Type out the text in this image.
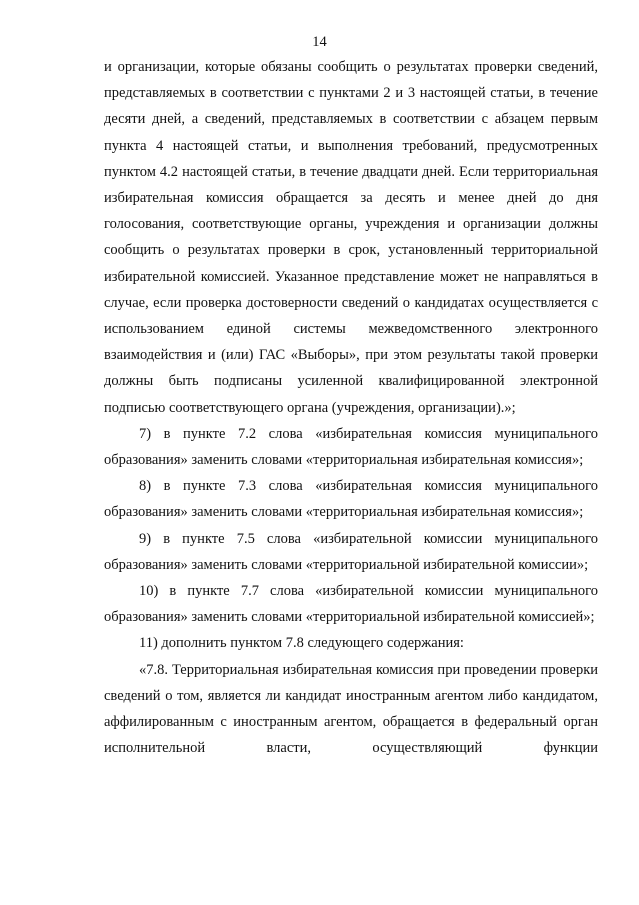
14
и организации, которые обязаны сообщить о результатах проверки сведений, представляемых в соответствии с пунктами 2 и 3 настоящей статьи, в течение десяти дней, а сведений, представляемых в соответствии с абзацем первым пункта 4 настоящей статьи, и выполнения требований, предусмотренных пунктом 4.2 настоящей статьи, в течение двадцати дней. Если территориальная избирательная комиссия обращается за десять и менее дней до дня голосования, соответствующие органы, учреждения и организации должны сообщить о результатах проверки в срок, установленный территориальной избирательной комиссией. Указанное представление может не направляться в случае, если проверка достоверности сведений о кандидатах осуществляется с использованием единой системы межведомственного электронного взаимодействия и (или) ГАС «Выборы», при этом результаты такой проверки должны быть подписаны усиленной квалифицированной электронной подписью соответствующего органа (учреждения, организации).»;
7) в пункте 7.2 слова «избирательная комиссия муниципального образования» заменить словами «территориальная избирательная комиссия»;
8) в пункте 7.3 слова «избирательная комиссия муниципального образования» заменить словами «территориальная избирательная комиссия»;
9) в пункте 7.5 слова «избирательной комиссии муниципального образования» заменить словами «территориальной избирательной комиссии»;
10) в пункте 7.7 слова «избирательной комиссии муниципального образования» заменить словами «территориальной избирательной комиссией»;
11) дополнить пунктом 7.8 следующего содержания:
«7.8. Территориальная избирательная комиссия при проведении проверки сведений о том, является ли кандидат иностранным агентом либо кандидатом, аффилированным с иностранным агентом, обращается в федеральный орган исполнительной власти, осуществляющий функции
